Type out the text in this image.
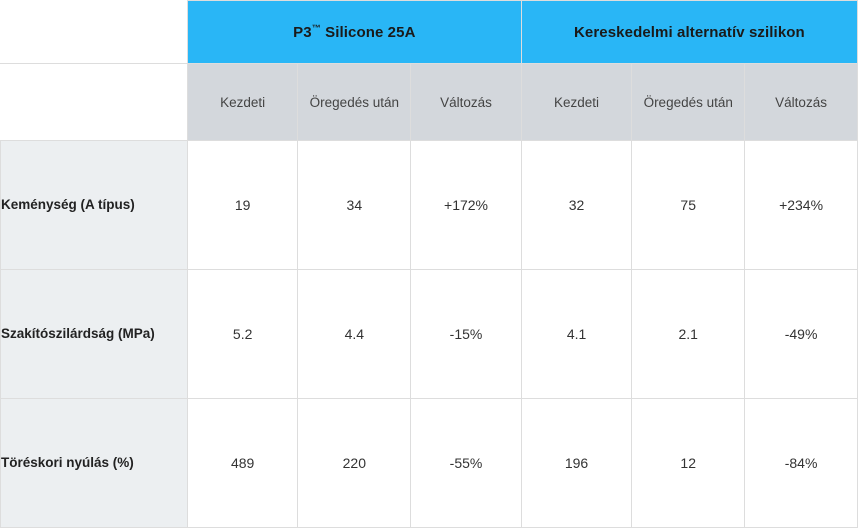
	P3™ Silicone 25A			Kereskedelmi alternatív szilikon		
	Kezdeti	Öregedés után	Változás	Kezdeti	Öregedés után	Változás
Keménység (A típus)	19	34	+172%	32	75	+234%
Szakítószilárdság (MPa)	5.2	4.4	-15%	4.1	2.1	-49%
Töréskori nyúlás (%)	489	220	-55%	196	12	-84%
